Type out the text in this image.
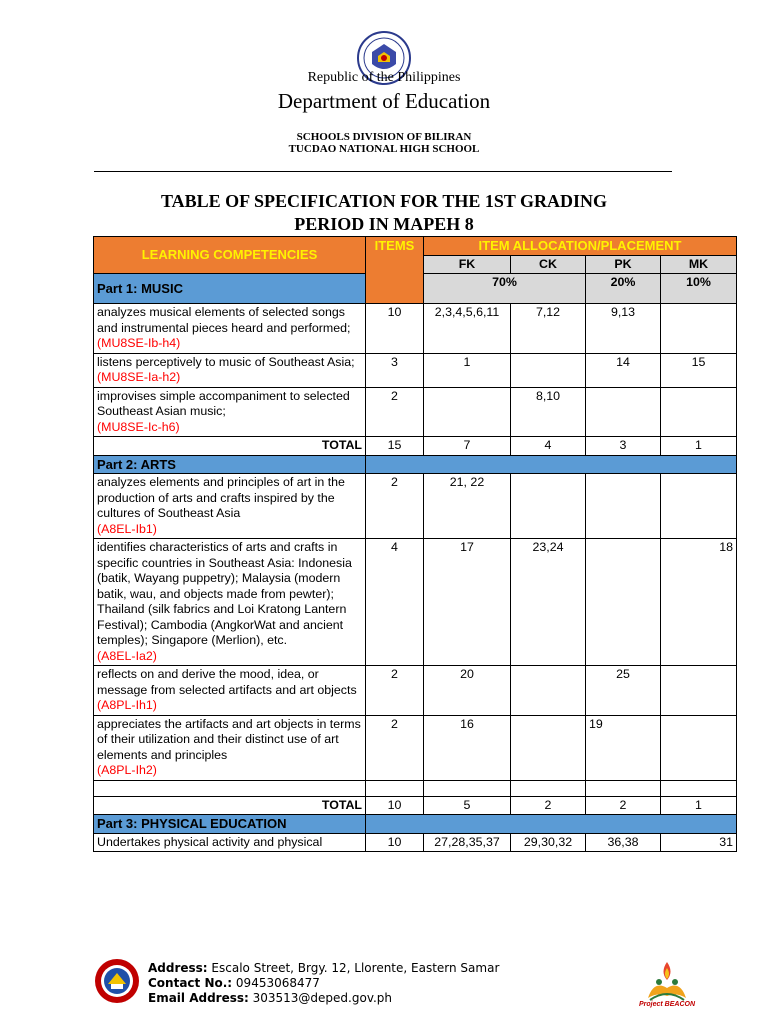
Republic of the Philippines
Department of Education
SCHOOLS DIVISION OF BILIRAN
TUCDAO NATIONAL HIGH SCHOOL
TABLE OF SPECIFICATION FOR THE 1ST GRADING
PERIOD IN MAPEH 8
LEARNING COMPETENCIES	ITEMS	ITEM ALLOCATION/PLACEMENT			
		FK	CK	PK	MK
Part 1: MUSIC		70%		20%	10%
analyzes musical elements of selected songs and instrumental pieces heard and performed;
(MU8SE-Ib-h4)	10	2,3,4,5,6,11	7,12	9,13	
listens perceptively to music of Southeast Asia;
(MU8SE-Ia-h2)	3	1		14	15
improvises simple accompaniment to selected Southeast Asian music;
(MU8SE-Ic-h6)	2		8,10		
TOTAL	15	7	4	3	1
Part 2: ARTS					
analyzes elements and principles of art in the production of arts and crafts inspired by the cultures of Southeast Asia
(A8EL-Ib1)	2	21, 22			
identifies characteristics of arts and crafts in specific countries in Southeast Asia: Indonesia (batik, Wayang puppetry); Malaysia (modern batik, wau, and objects made from pewter); Thailand (silk fabrics and Loi Kratong Lantern Festival); Cambodia (AngkorWat and ancient temples); Singapore (Merlion), etc.
(A8EL-Ia2)	4	17	23,24		18
reflects on and derive the mood, idea, or message from selected artifacts and art objects
(A8PL-Ih1)	2	20		25	
appreciates the artifacts and art objects in terms of their utilization and their distinct use of art elements and principles
(A8PL-Ih2)	2	16		19	

TOTAL	10	5	2	2	1
Part 3: PHYSICAL EDUCATION					
Undertakes physical activity and physical	10	27,28,35,37	29,30,32	36,38	31
Address: Escalo Street, Brgy. 12, Llorente, Eastern Samar
Contact No.: 09453068477
Email Address: 303513@deped.gov.ph	Project BEACON
